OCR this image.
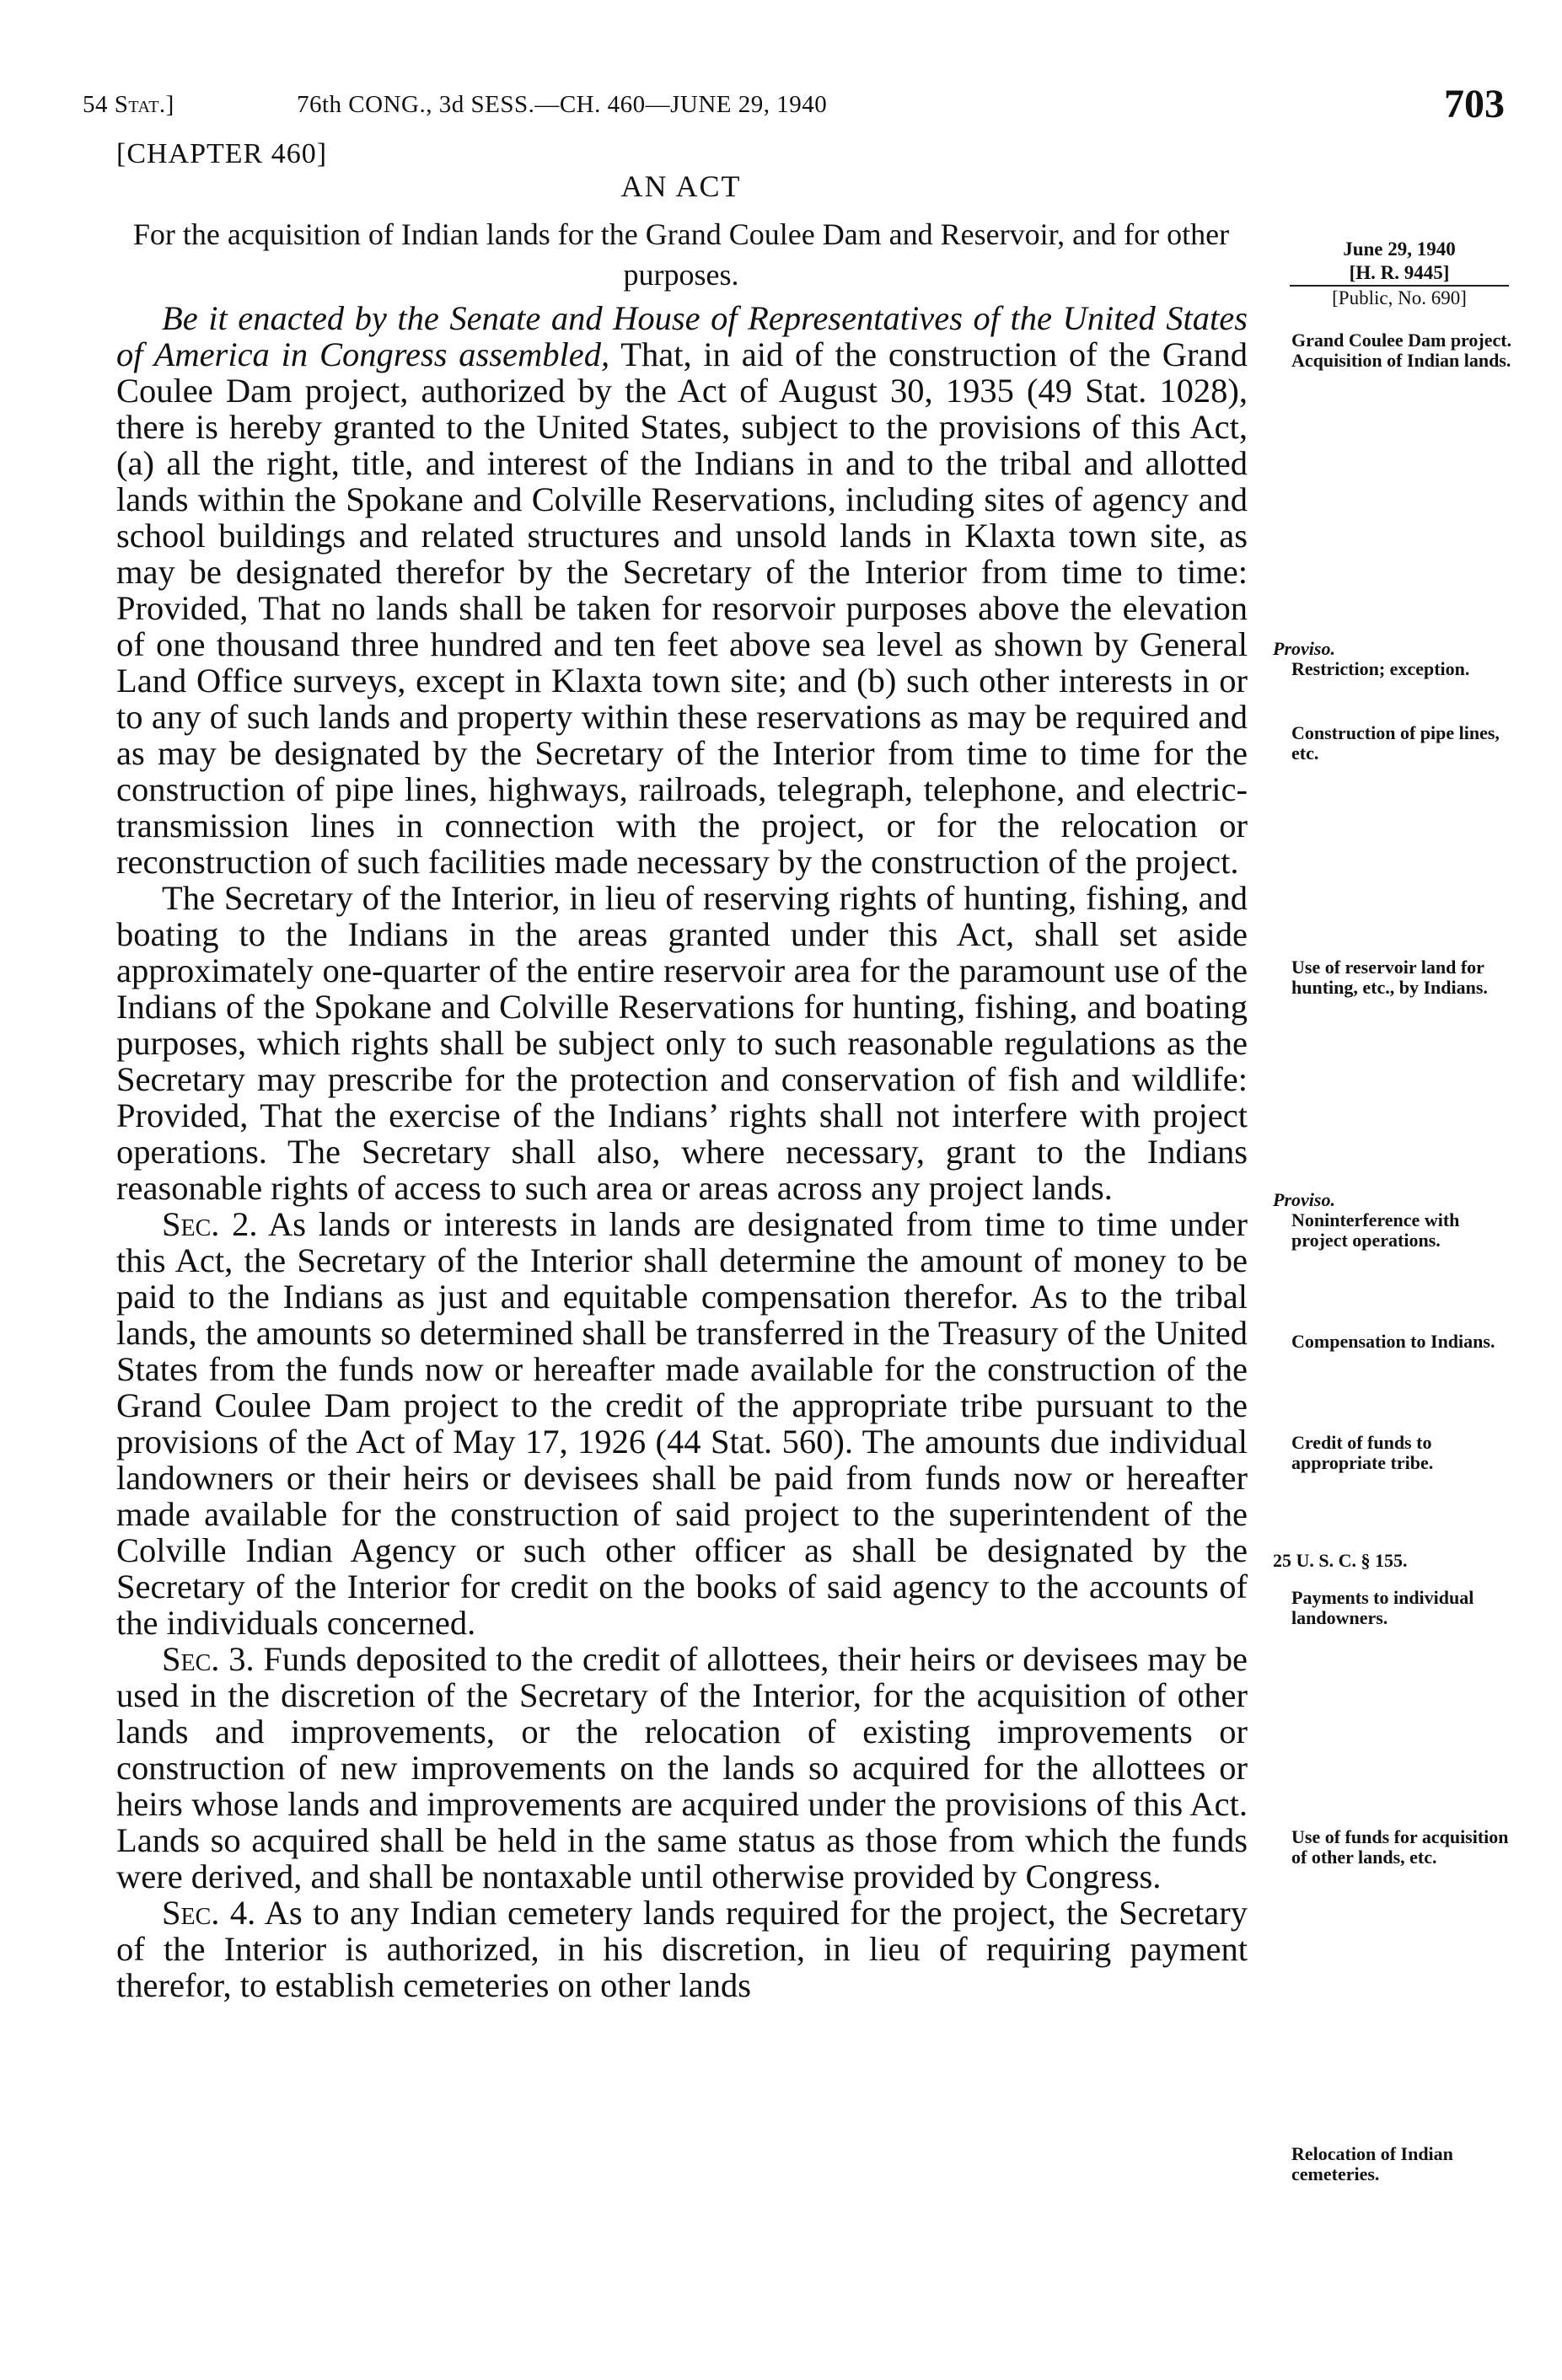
54 Stat.]	76th CONG., 3d SESS.—CH. 460—JUNE 29, 1940	703
[CHAPTER 460]
AN ACT
For the acquisition of Indian lands for the Grand Coulee Dam and Reservoir, and for other purposes.
June 29, 1940
[H. R. 9445]
[Public, No. 690]

Be it enacted by the Senate and House of Representatives of the United States of America in Congress assembled, That, in aid of the construction of the Grand Coulee Dam project, authorized by the Act of August 30, 1935 (49 Stat. 1028), there is hereby granted to the United States, subject to the provisions of this Act, (a) all the right, title, and interest of the Indians in and to the tribal and allotted lands within the Spokane and Colville Reservations, including sites of agency and school buildings and related structures and unsold lands in Klaxta town site, as may be designated therefor by the Secretary of the Interior from time to time: Provided, That no lands shall be taken for resorvoir purposes above the elevation of one thousand three hundred and ten feet above sea level as shown by General Land Office surveys, except in Klaxta town site; and (b) such other interests in or to any of such lands and property within these reservations as may be required and as may be designated by the Secretary of the Interior from time to time for the construction of pipe lines, highways, railroads, telegraph, telephone, and electric-transmission lines in connection with the project, or for the relocation or reconstruction of such facilities made necessary by the construction of the project.

The Secretary of the Interior, in lieu of reserving rights of hunting, fishing, and boating to the Indians in the areas granted under this Act, shall set aside approximately one-quarter of the entire reservoir area for the paramount use of the Indians of the Spokane and Colville Reservations for hunting, fishing, and boating purposes, which rights shall be subject only to such reasonable regulations as the Secretary may prescribe for the protection and conservation of fish and wildlife: Provided, That the exercise of the Indians’ rights shall not interfere with project operations. The Secretary shall also, where necessary, grant to the Indians reasonable rights of access to such area or areas across any project lands.

Sec. 2. As lands or interests in lands are designated from time to time under this Act, the Secretary of the Interior shall determine the amount of money to be paid to the Indians as just and equitable compensation therefor. As to the tribal lands, the amounts so determined shall be transferred in the Treasury of the United States from the funds now or hereafter made available for the construction of the Grand Coulee Dam project to the credit of the appropriate tribe pursuant to the provisions of the Act of May 17, 1926 (44 Stat. 560). The amounts due individual landowners or their heirs or devisees shall be paid from funds now or hereafter made available for the construction of said project to the superintendent of the Colville Indian Agency or such other officer as shall be designated by the Secretary of the Interior for credit on the books of said agency to the accounts of the individuals concerned.

Sec. 3. Funds deposited to the credit of allottees, their heirs or devisees may be used in the discretion of the Secretary of the Interior, for the acquisition of other lands and improvements, or the relocation of existing improvements or construction of new improvements on the lands so acquired for the allottees or heirs whose lands and improvements are acquired under the provisions of this Act. Lands so acquired shall be held in the same status as those from which the funds were derived, and shall be nontaxable until otherwise provided by Congress.

Sec. 4. As to any Indian cemetery lands required for the project, the Secretary of the Interior is authorized, in his discretion, in lieu of requiring payment therefor, to establish cemeteries on other lands

Grand Coulee Dam project.
Acquisition of Indian lands.
Proviso.
Restriction; exception.
Construction of pipe lines, etc.
Use of reservoir land for hunting, etc., by Indians.
Proviso.
Noninterference with project operations.
Compensation to Indians.
Credit of funds to appropriate tribe.
25 U. S. C. § 155.
Payments to individual landowners.
Use of funds for acquisition of other lands, etc.
Relocation of Indian cemeteries.
